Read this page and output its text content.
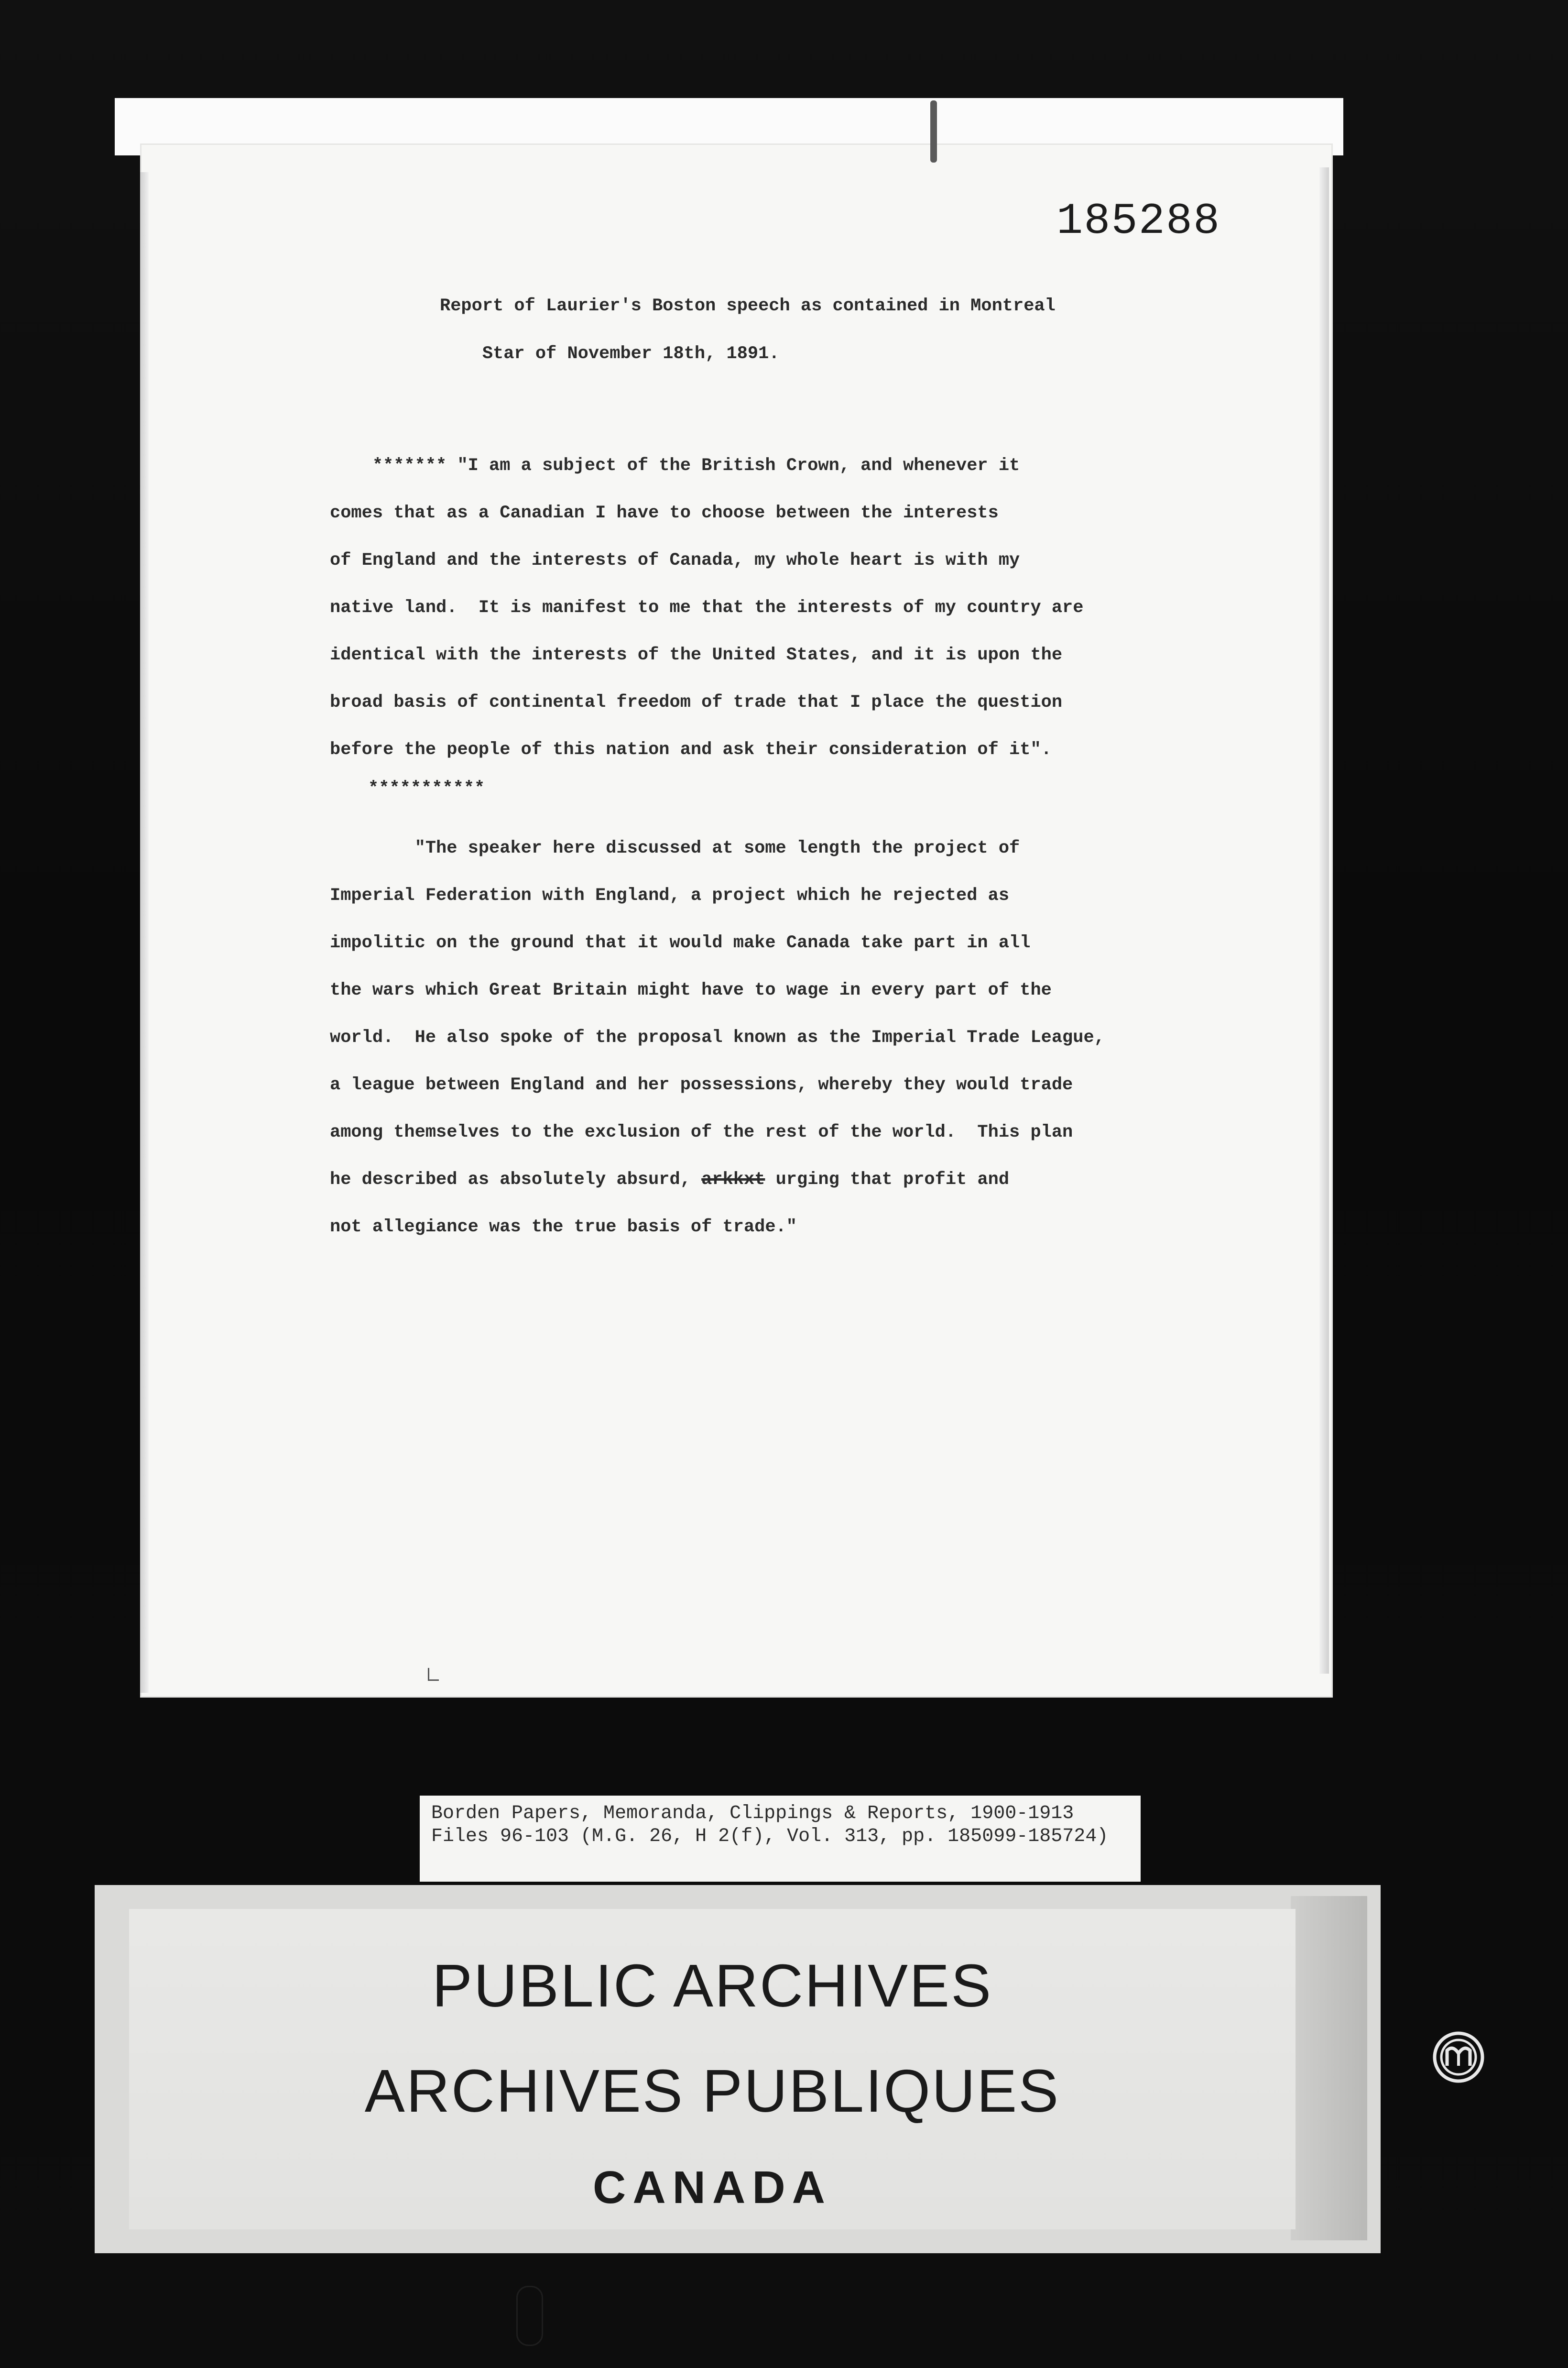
185288
Report of Laurier's Boston speech as contained in Montreal
Star of November 18th, 1891.
******* "I am a subject of the British Crown, and whenever it
comes that as a Canadian I have to choose between the interests
of England and the interests of Canada, my whole heart is with my
native land.  It is manifest to me that the interests of my country are
identical with the interests of the United States, and it is upon the
broad basis of continental freedom of trade that I place the question
before the people of this nation and ask their consideration of it".
***********
"The speaker here discussed at some length the project of
Imperial Federation with England, a project which he rejected as
impolitic on the ground that it would make Canada take part in all
the wars which Great Britain might have to wage in every part of the
world.  He also spoke of the proposal known as the Imperial Trade League,
a league between England and her possessions, whereby they would trade
among themselves to the exclusion of the rest of the world.  This plan
he described as absolutely absurd, arkkxt urging that profit and
not allegiance was the true basis of trade."
Borden Papers, Memoranda, Clippings & Reports, 1900-1913
Files 96-103 (M.G. 26, H 2(f), Vol. 313, pp. 185099-185724)
PUBLIC ARCHIVES
ARCHIVES PUBLIQUES
CANADA
